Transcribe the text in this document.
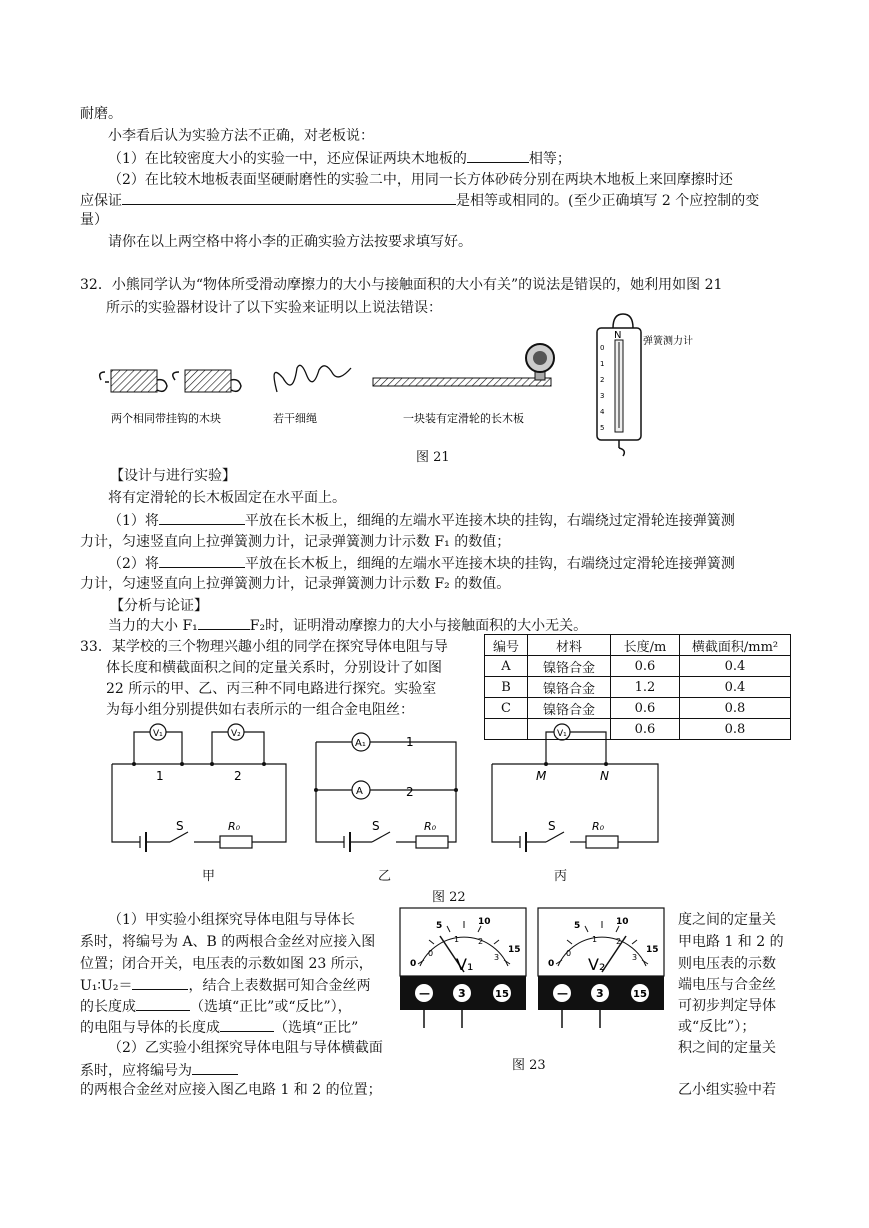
耐磨。
小李看后认为实验方法不正确，对老板说：
（1）在比较密度大小的实验一中，还应保证两块木地板的	相等；
（2）在比较木地板表面坚硬耐磨性的实验二中，用同一长方体砂砖分别在两块木地板上来回摩擦时还
应保证	是相等或相同的。(至少正确填写 2 个应控制的变
量）
请你在以上两空格中将小李的正确实验方法按要求填写好。
32．小熊同学认为“物体所受滑动摩擦力的大小与接触面积的大小有关”的说法是错误的，她利用如图 21
所示的实验器材设计了以下实验来证明以上说法错误：
两个相同带挂钩的木块	若干细绳	一块装有定滑轮的长木板
N
0
1
2
3
4
5
弹簧测力计
图 21
【设计与进行实验】
将有定滑轮的长木板固定在水平面上。
（1）将	平放在长木板上，细绳的左端水平连接木块的挂钩，右端绕过定滑轮连接弹簧测
力计，匀速竖直向上拉弹簧测力计，记录弹簧测力计示数 F₁ 的数值；
（2）将	平放在长木板上，细绳的左端水平连接木块的挂钩，右端绕过定滑轮连接弹簧测
力计，匀速竖直向上拉弹簧测力计，记录弹簧测力计示数 F₂ 的数值。
【分析与论证】
当力的大小 F₁	F₂时，证明滑动摩擦力的大小与接触面积的大小无关。
33．某学校的三个物理兴趣小组的同学在探究导体电阻与导
体长度和横截面积之间的定量关系时，分别设计了如图
22 所示的甲、乙、丙三种不同电路进行探究。实验室
为每小组分别提供如右表所示的一组合金电阻丝：
编号	材料	长度/m	横截面积/mm²
A	镍铬合金	0.6	0.4
B	镍铬合金	1.2	0.4
C	镍铬合金	0.6	0.8
		0.6	0.8
V₁	V₂
1	2
S	R₀
A₁
A
1
2
S	R₀
V₁
M	N
S	R₀
甲	乙	丙
图 22
（1）甲实验小组探究导体电阻与导体长
系时，将编号为 A、B 的两根合金丝对应接入图
位置；闭合开关，电压表的示数如图 23 所示，
U₁∶U₂＝	，结合上表数据可知合金丝两
的长度成	（选填“正比”或“反比”），
的电阻与导体的长度成	（选填“正比”
（2）乙实验小组探究导体电阻与导体横截面
系时，应将编号为
的两根合金丝对应接入图乙电路 1 和 2 的位置；
度之间的定量关
甲电路 1 和 2 的
则电压表的示数
端电压与合金丝
可初步判定导体
或“反比”）；
积之间的定量关
乙小组实验中若
0
5	10
15
0
1 2
3
V₁
—	3	15
0
5	10
15
0
1 2
3
V₂
—	3	15
图 23
